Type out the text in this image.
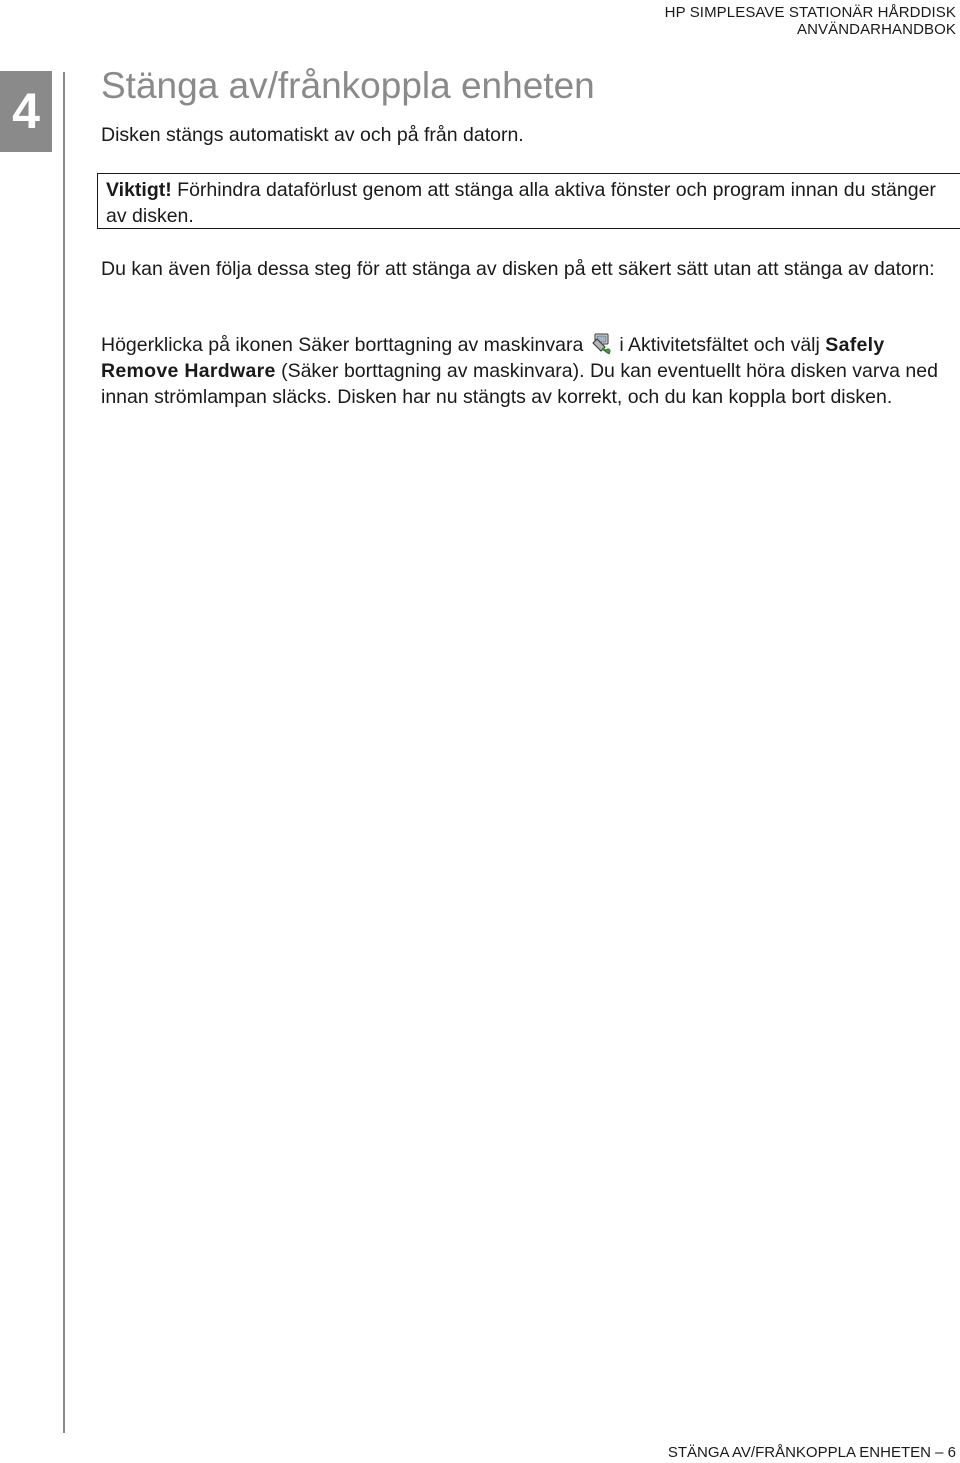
HP SIMPLESAVE STATIONÄR HÅRDDISK
ANVÄNDARHANDBOK
4	Stänga av/frånkoppla enheten

Disken stängs automatiskt av och på från datorn.

Viktigt! Förhindra dataförlust genom att stänga alla aktiva fönster och program innan du stänger av disken.

Du kan även följa dessa steg för att stänga av disken på ett säkert sätt utan att stänga av datorn:

Högerklicka på ikonen Säker borttagning av maskinvara i Aktivitetsfältet och välj Safely Remove Hardware (Säker borttagning av maskinvara). Du kan eventuellt höra disken varva ned innan strömlampan släcks. Disken har nu stängts av korrekt, och du kan koppla bort disken.

STÄNGA AV/FRÅNKOPPLA ENHETEN – 6
